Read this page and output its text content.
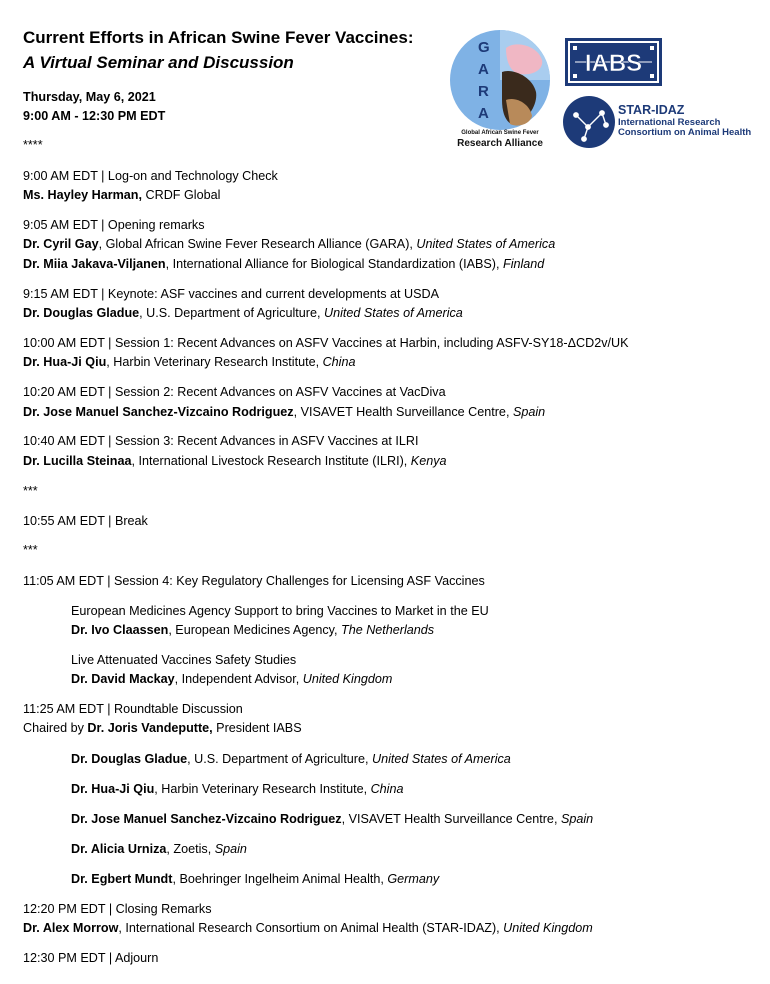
Current Efforts in African Swine Fever Vaccines:
A Virtual Seminar and Discussion
Thursday, May 6, 2021
9:00 AM - 12:30 PM EDT
****
G
A
R
A
Global African Swine Fever
Research Alliance
IABS
STAR-IDAZ
International Research
Consortium on Animal Health
9:00 AM EDT | Log-on and Technology Check
Ms. Hayley Harman, CRDF Global
9:05 AM EDT | Opening remarks
Dr. Cyril Gay, Global African Swine Fever Research Alliance (GARA), United States of America
Dr. Miia Jakava-Viljanen, International Alliance for Biological Standardization (IABS), Finland
9:15 AM EDT | Keynote: ASF vaccines and current developments at USDA
Dr. Douglas Gladue, U.S. Department of Agriculture, United States of America
10:00 AM EDT | Session 1: Recent Advances on ASFV Vaccines at Harbin, including ASFV-SY18-ΔCD2v/UK
Dr. Hua-Ji Qiu, Harbin Veterinary Research Institute, China
10:20 AM EDT | Session 2: Recent Advances on ASFV Vaccines at VacDiva
Dr. Jose Manuel Sanchez-Vizcaino Rodriguez, VISAVET Health Surveillance Centre, Spain
10:40 AM EDT | Session 3: Recent Advances in ASFV Vaccines at ILRI
Dr. Lucilla Steinaa, International Livestock Research Institute (ILRI), Kenya
***
10:55 AM EDT | Break
***
11:05 AM EDT | Session 4: Key Regulatory Challenges for Licensing ASF Vaccines
European Medicines Agency Support to bring Vaccines to Market in the EU
Dr. Ivo Claassen, European Medicines Agency, The Netherlands
Live Attenuated Vaccines Safety Studies
Dr. David Mackay, Independent Advisor, United Kingdom
11:25 AM EDT | Roundtable Discussion
Chaired by Dr. Joris Vandeputte, President IABS
Dr. Douglas Gladue, U.S. Department of Agriculture, United States of America
Dr. Hua-Ji Qiu, Harbin Veterinary Research Institute, China
Dr. Jose Manuel Sanchez-Vizcaino Rodriguez, VISAVET Health Surveillance Centre, Spain
Dr. Alicia Urniza, Zoetis, Spain
Dr. Egbert Mundt, Boehringer Ingelheim Animal Health, Germany
12:20 PM EDT | Closing Remarks
Dr. Alex Morrow, International Research Consortium on Animal Health (STAR-IDAZ), United Kingdom
12:30 PM EDT | Adjourn
